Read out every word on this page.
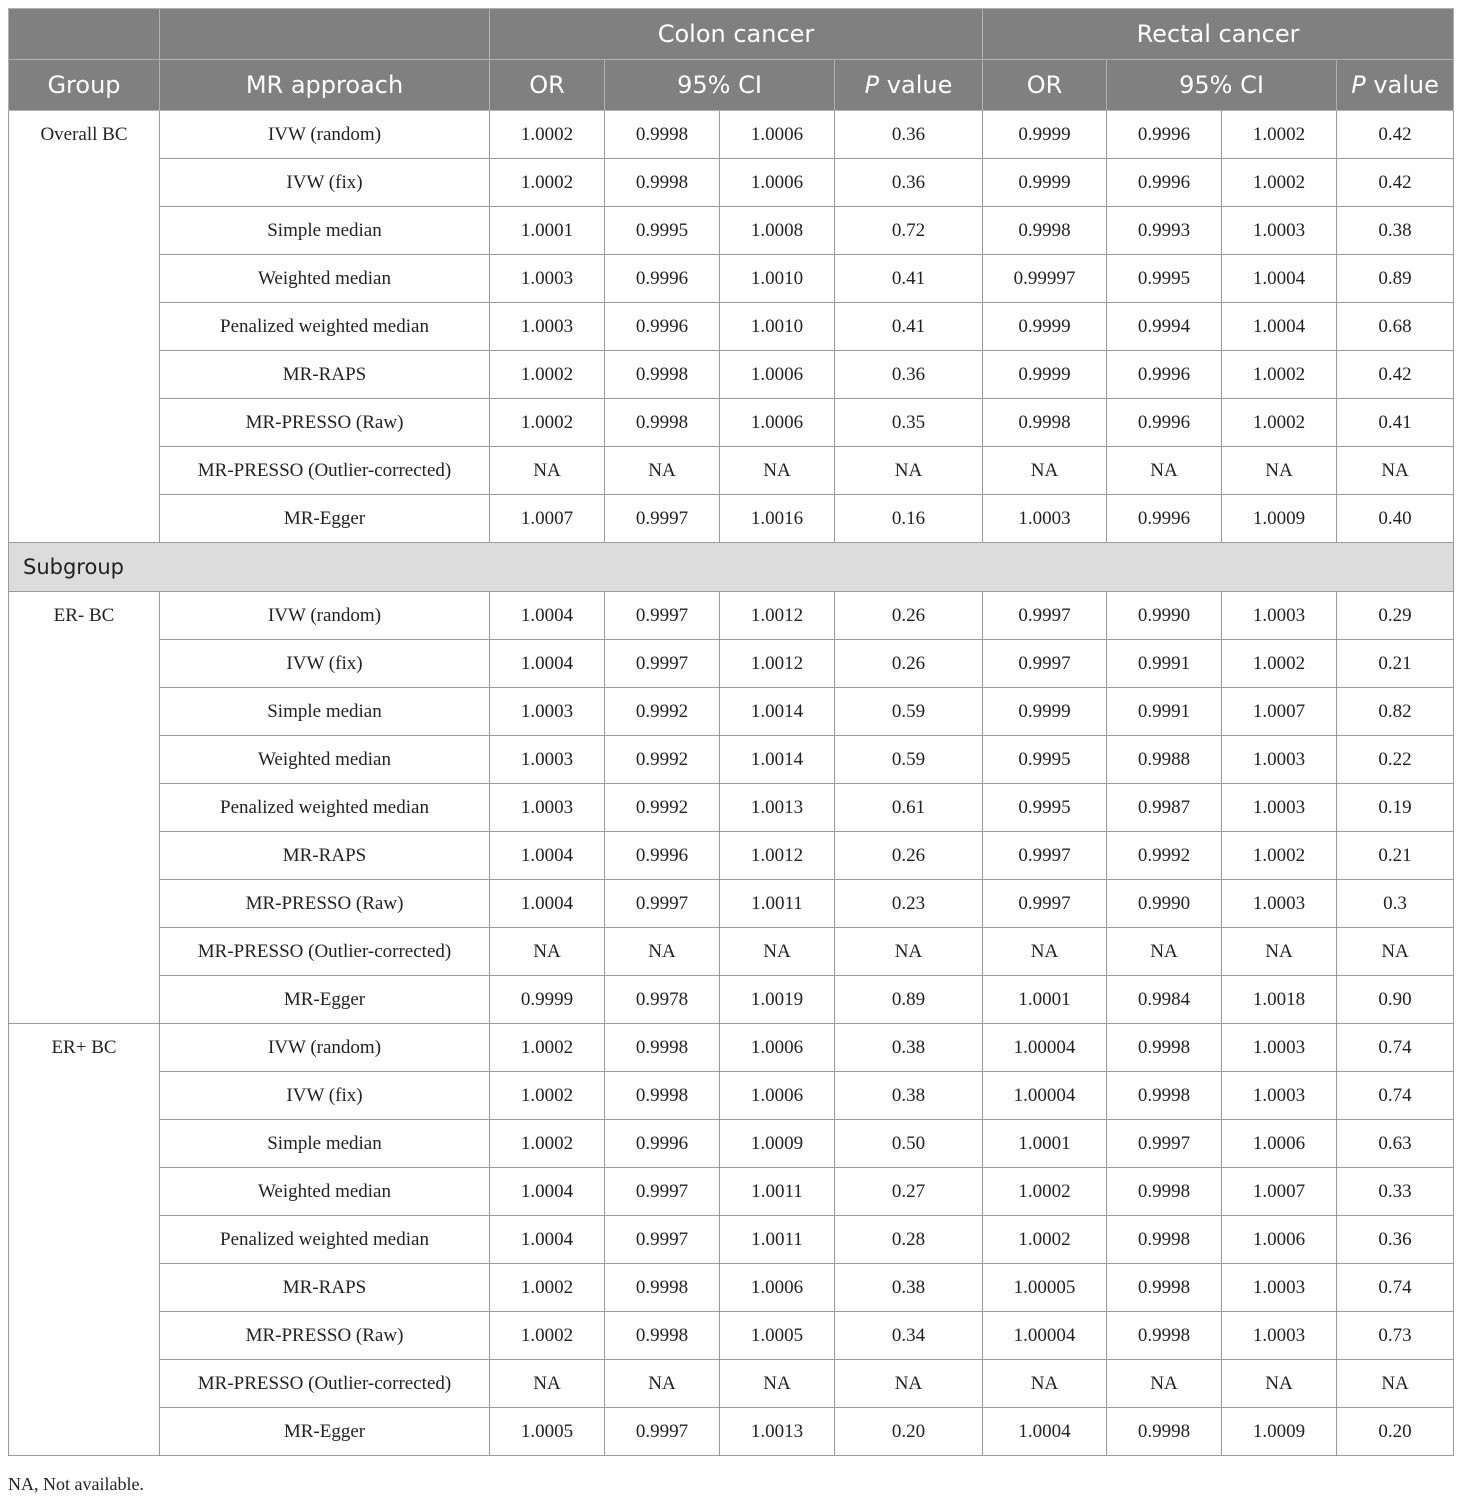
		Colon cancer				Rectal cancer			
Group	MR approach	OR	95% CI		P value	OR	95% CI		P value
Overall BC	IVW (random)	1.0002	0.9998	1.0006	0.36	0.9999	0.9996	1.0002	0.42
	IVW (fix)	1.0002	0.9998	1.0006	0.36	0.9999	0.9996	1.0002	0.42
	Simple median	1.0001	0.9995	1.0008	0.72	0.9998	0.9993	1.0003	0.38
	Weighted median	1.0003	0.9996	1.0010	0.41	0.99997	0.9995	1.0004	0.89
	Penalized weighted median	1.0003	0.9996	1.0010	0.41	0.9999	0.9994	1.0004	0.68
	MR-RAPS	1.0002	0.9998	1.0006	0.36	0.9999	0.9996	1.0002	0.42
	MR-PRESSO (Raw)	1.0002	0.9998	1.0006	0.35	0.9998	0.9996	1.0002	0.41
	MR-PRESSO (Outlier-corrected)	NA	NA	NA	NA	NA	NA	NA	NA
	MR-Egger	1.0007	0.9997	1.0016	0.16	1.0003	0.9996	1.0009	0.40
Subgroup									
ER- BC	IVW (random)	1.0004	0.9997	1.0012	0.26	0.9997	0.9990	1.0003	0.29
	IVW (fix)	1.0004	0.9997	1.0012	0.26	0.9997	0.9991	1.0002	0.21
	Simple median	1.0003	0.9992	1.0014	0.59	0.9999	0.9991	1.0007	0.82
	Weighted median	1.0003	0.9992	1.0014	0.59	0.9995	0.9988	1.0003	0.22
	Penalized weighted median	1.0003	0.9992	1.0013	0.61	0.9995	0.9987	1.0003	0.19
	MR-RAPS	1.0004	0.9996	1.0012	0.26	0.9997	0.9992	1.0002	0.21
	MR-PRESSO (Raw)	1.0004	0.9997	1.0011	0.23	0.9997	0.9990	1.0003	0.3
	MR-PRESSO (Outlier-corrected)	NA	NA	NA	NA	NA	NA	NA	NA
	MR-Egger	0.9999	0.9978	1.0019	0.89	1.0001	0.9984	1.0018	0.90
ER+ BC	IVW (random)	1.0002	0.9998	1.0006	0.38	1.00004	0.9998	1.0003	0.74
	IVW (fix)	1.0002	0.9998	1.0006	0.38	1.00004	0.9998	1.0003	0.74
	Simple median	1.0002	0.9996	1.0009	0.50	1.0001	0.9997	1.0006	0.63
	Weighted median	1.0004	0.9997	1.0011	0.27	1.0002	0.9998	1.0007	0.33
	Penalized weighted median	1.0004	0.9997	1.0011	0.28	1.0002	0.9998	1.0006	0.36
	MR-RAPS	1.0002	0.9998	1.0006	0.38	1.00005	0.9998	1.0003	0.74
	MR-PRESSO (Raw)	1.0002	0.9998	1.0005	0.34	1.00004	0.9998	1.0003	0.73
	MR-PRESSO (Outlier-corrected)	NA	NA	NA	NA	NA	NA	NA	NA
	MR-Egger	1.0005	0.9997	1.0013	0.20	1.0004	0.9998	1.0009	0.20
NA, Not available.
